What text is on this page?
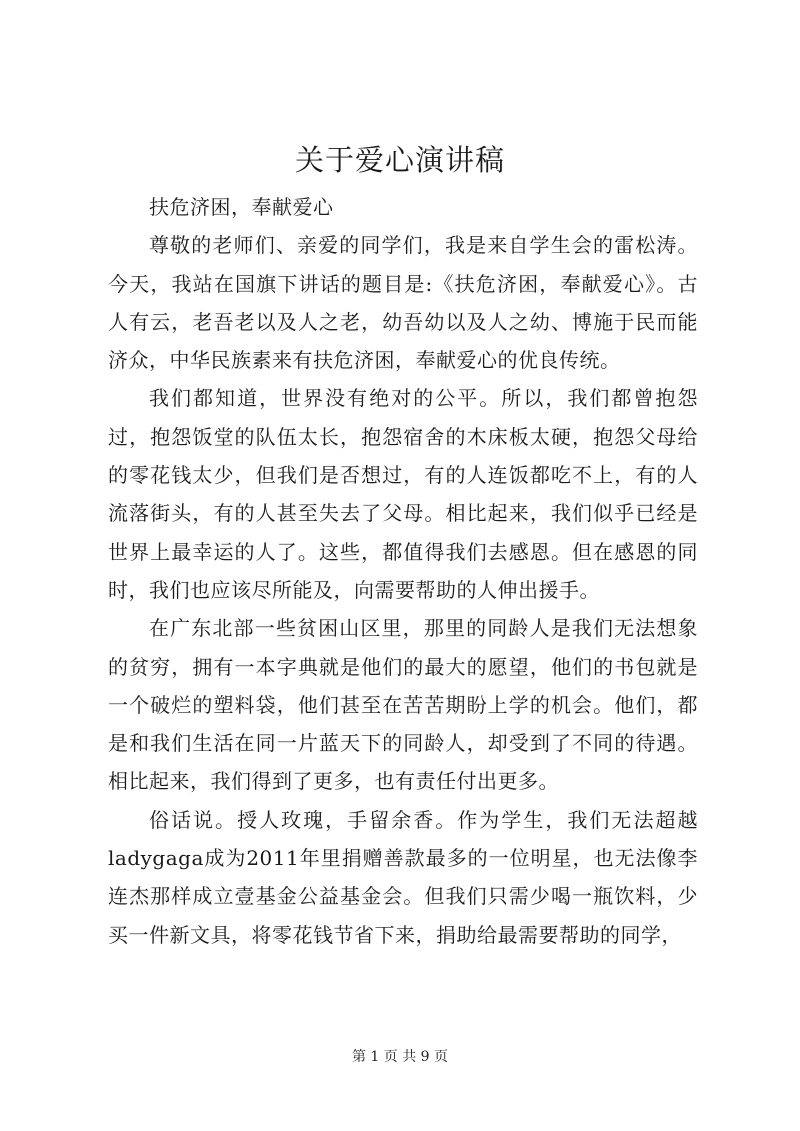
关于爱心演讲稿

扶危济困，奉献爱心

尊敬的老师们、亲爱的同学们，我是来自学生会的雷松涛。今天，我站在国旗下讲话的题目是:《扶危济困，奉献爱心》。古人有云，老吾老以及人之老，幼吾幼以及人之幼、博施于民而能济众，中华民族素来有扶危济困，奉献爱心的优良传统。

我们都知道，世界没有绝对的公平。所以，我们都曾抱怨过，抱怨饭堂的队伍太长，抱怨宿舍的木床板太硬，抱怨父母给的零花钱太少，但我们是否想过，有的人连饭都吃不上，有的人流落街头，有的人甚至失去了父母。相比起来，我们似乎已经是世界上最幸运的人了。这些，都值得我们去感恩。但在感恩的同时，我们也应该尽所能及，向需要帮助的人伸出援手。

在广东北部一些贫困山区里，那里的同龄人是我们无法想象的贫穷，拥有一本字典就是他们的最大的愿望，他们的书包就是一个破烂的塑料袋，他们甚至在苦苦期盼上学的机会。他们，都是和我们生活在同一片蓝天下的同龄人，却受到了不同的待遇。相比起来，我们得到了更多，也有责任付出更多。

俗话说。授人玫瑰，手留余香。作为学生，我们无法超越ladygaga成为2011年里捐赠善款最多的一位明星，也无法像李连杰那样成立壹基金公益基金会。但我们只需少喝一瓶饮料，少买一件新文具，将零花钱节省下来，捐助给最需要帮助的同学，

第 1 页 共 9 页
